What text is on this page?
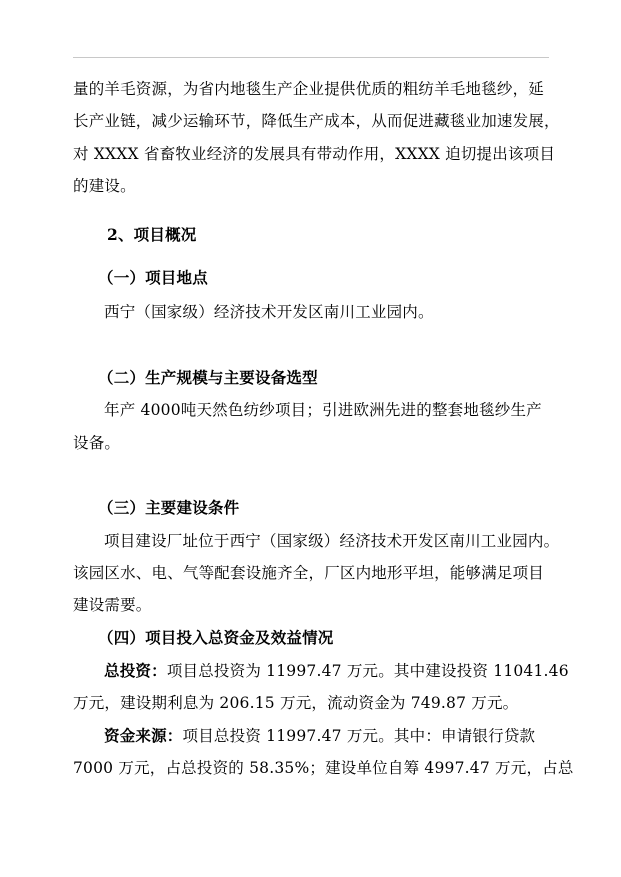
量的羊毛资源，为省内地毯生产企业提供优质的粗纺羊毛地毯纱，延
长产业链，减少运输环节，降低生产成本，从而促进藏毯业加速发展，
对 XXXX 省畜牧业经济的发展具有带动作用，XXXX 迫切提出该项目
的建设。
2、项目概况
（一）项目地点
西宁（国家级）经济技术开发区南川工业园内。
（二）生产规模与主要设备选型
年产 4000吨天然色纺纱项目；引进欧洲先进的整套地毯纱生产
设备。
（三）主要建设条件
项目建设厂址位于西宁（国家级）经济技术开发区南川工业园内。
该园区水、电、气等配套设施齐全，厂区内地形平坦，能够满足项目
建设需要。
（四）项目投入总资金及效益情况
总投资：项目总投资为 11997.47 万元。其中建设投资 11041.46
万元，建设期利息为 206.15 万元，流动资金为 749.87 万元。
资金来源：项目总投资 11997.47 万元。其中：申请银行贷款
7000 万元，占总投资的 58.35%；建设单位自筹 4997.47 万元，占总
